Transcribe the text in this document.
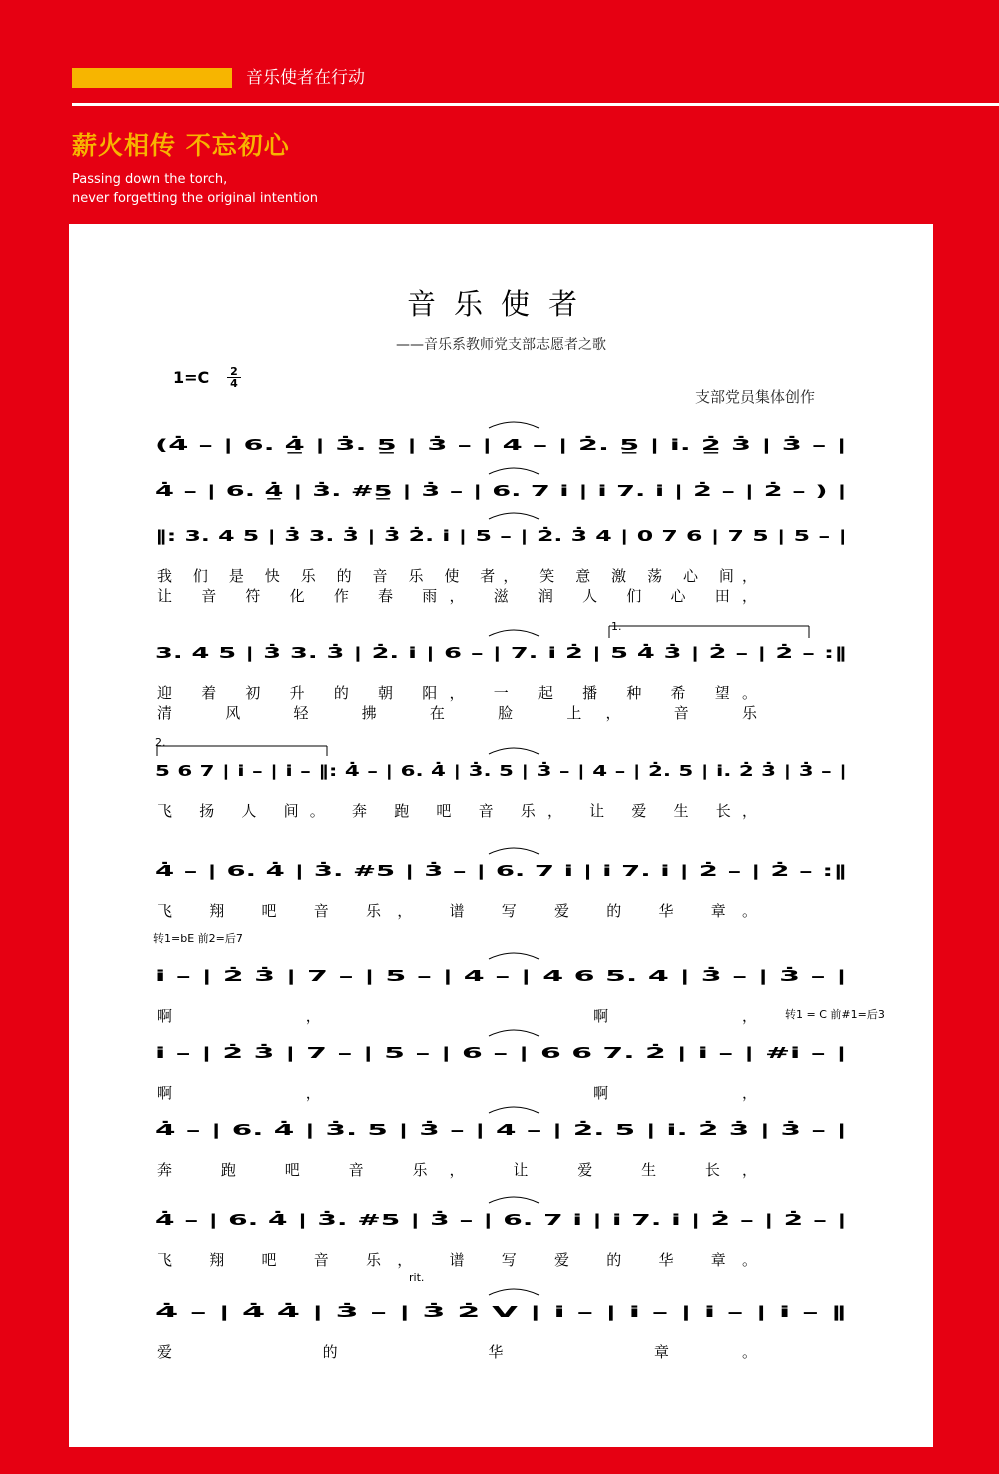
音乐使者在行动
薪火相传 不忘初心
Passing down the torch,
never forgetting the original intention
音乐使者
——音乐系教师党支部志愿者之歌
$1=C \frac{2}{4}$
支部党员集体创作
(4̇ – | 6. 4̲̇ | 3̇. 5̲ | 3̇ – | 4 – | 2̇. 5̲ | i. 2̲̇ 3̇ | 3̇ – |
4̇ – | 6. 4̲̇ | 3̇. #5̲ | 3̇ – | 6. 7 i | i 7. i | 2̇ – | 2̇ – ) |
‖: 3. 4 5 | 3̇ 3. 3̇ | 3̇ 2̇. i | 5 – | 2̇. 3̇ 4 | 0 7 6 | 7 5 | 5 – |
我 们 是 快 乐 的 音 乐 使 者， 笑 意 激 荡 心 间，
让 音 符 化 作 春 雨， 滋 润 人 们 心 田，
3. 4 5 | 3̇ 3. 3̇ | 2̇. i | 6 – | 7. i 2̇ | 5 4̇ 3̇ | 2̇ – | 2̇ – :‖
迎 着 初 升 的 朝 阳， 一 起 播 种 希 望。
清 风 轻 拂 在 脸 上， 音 乐
1.
5 6 7 | i – | i – ‖: 4̇ – | 6. 4̇ | 3̇. 5 | 3̇ – | 4 – | 2̇. 5 | i. 2̇ 3̇ | 3̇ – |
飞 扬 人 间。 奔 跑 吧 音 乐， 让 爱 生 长，
2.
4̇ – | 6. 4̇ | 3̇. #5 | 3̇ – | 6. 7 i | i 7. i | 2̇ – | 2̇ – :‖
飞 翔 吧 音 乐， 谱 写 爱 的 华 章。
转1=bE 前2=后7
i – | 2̇ 3̇ | 7 – | 5 – | 4 – | 4 6 5. 4 | 3̇ – | 3̇ – |
啊， 啊，
i – | 2̇ 3̇ | 7 – | 5 – | 6 – | 6 6 7. 2̇ | i – | #i – |
啊， 啊，
转1 = C 前#1=后3
4̇ – | 6. 4̇ | 3̇. 5 | 3̇ – | 4 – | 2̇. 5 | i. 2̇ 3̇ | 3̇ – |
奔 跑 吧 音 乐， 让 爱 生 长，
4̇ – | 6. 4̇ | 3̇. #5 | 3̇ – | 6. 7 i | i 7. i | 2̇ – | 2̇ – |
飞 翔 吧 音 乐， 谱 写 爱 的 华 章。
4̇ – | 4̇ 4̇ | 3̇ – | 3̇ 2̇ V | i – | i – | i – | i – ‖
爱 的 华 章。
rit.
